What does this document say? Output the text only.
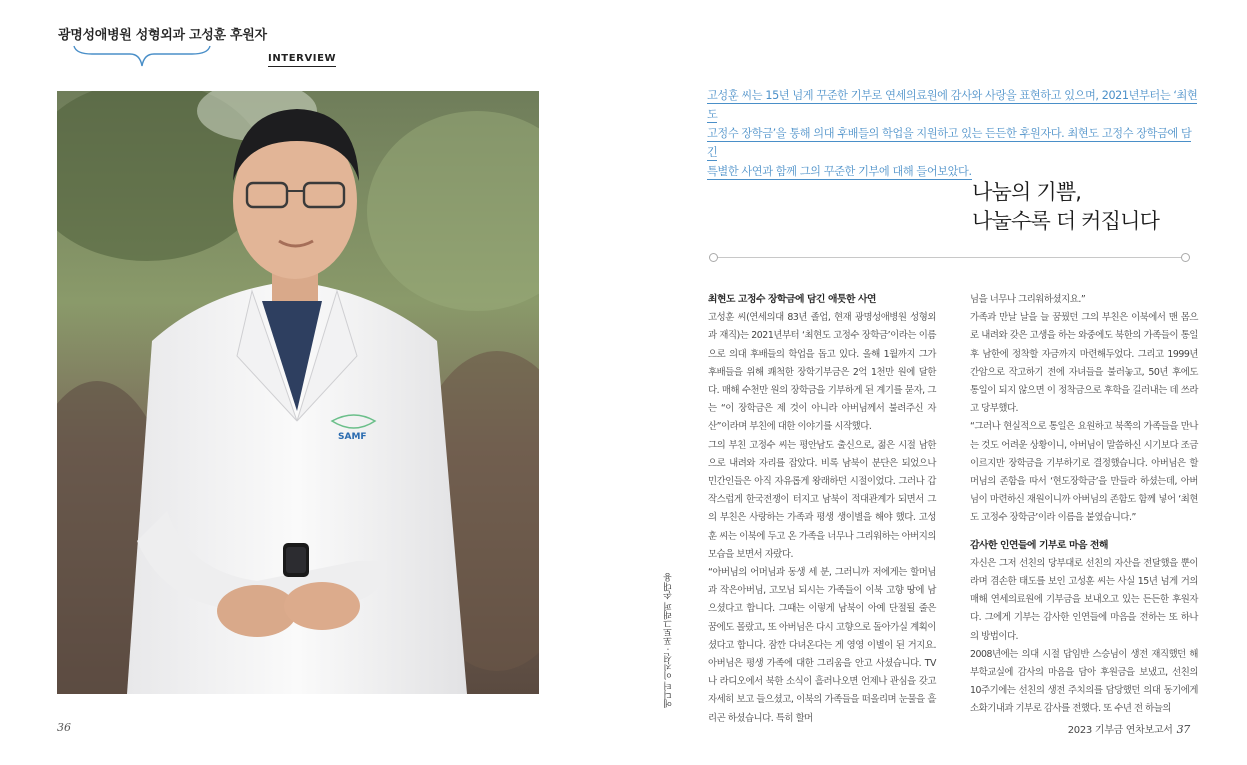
광명성애병원 성형외과 고성훈 후원자
INTERVIEW
SAMF
에디터 이진선 · 포토그래퍼 손대용
고성훈 씨는 15년 넘게 꾸준한 기부로 연세의료원에 감사와 사랑을 표현하고 있으며, 2021년부터는 ‘최현도
고정수 장학금’을 통해 의대 후배들의 학업을 지원하고 있는 든든한 후원자다. 최현도 고정수 장학금에 담긴
특별한 사연과 함께 그의 꾸준한 기부에 대해 들어보았다.
나눔의 기쁨,
나눌수록 더 커집니다

최현도 고정수 장학금에 담긴 애틋한 사연

고성훈 씨(연세의대 83년 졸업, 현재 광명성애병원 성형외과 재직)는 2021년부터 ‘최현도 고정수 장학금’이라는 이름으로 의대 후배들의 학업을 돕고 있다. 올해 1월까지 그가 후배들을 위해 쾌척한 장학기부금은 2억 1천만 원에 달한다. 매해 수천만 원의 장학금을 기부하게 된 계기를 묻자, 그는 “이 장학금은 제 것이 아니라 아버님께서 불려주신 자산”이라며 부친에 대한 이야기를 시작했다.

그의 부친 고정수 씨는 평안남도 출신으로, 젊은 시절 남한으로 내려와 자리를 잡았다. 비록 남북이 분단은 되었으나 민간인들은 아직 자유롭게 왕래하던 시절이었다. 그러나 갑작스럽게 한국전쟁이 터지고 남북이 적대관계가 되면서 그의 부친은 사랑하는 가족과 평생 생이별을 해야 했다. 고성훈 씨는 이북에 두고 온 가족을 너무나 그리워하는 아버지의 모습을 보면서 자랐다.

“아버님의 어머님과 동생 세 분, 그러니까 저에게는 할머님과 작은아버님, 고모님 되시는 가족들이 이북 고향 땅에 남으셨다고 합니다. 그때는 이렇게 남북이 아예 단절될 줄은 꿈에도 몰랐고, 또 아버님은 다시 고향으로 돌아가실 계획이셨다고 합니다. 잠깐 다녀온다는 게 영영 이별이 된 거지요. 아버님은 평생 가족에 대한 그리움을 안고 사셨습니다. TV나 라디오에서 북한 소식이 흘러나오면 언제나 관심을 갖고 자세히 보고 들으셨고, 이북의 가족들을 떠올리며 눈물을 흘리곤 하셨습니다. 특히 할머

님을 너무나 그리워하셨지요.”

가족과 만날 날을 늘 꿈꿨던 그의 부친은 이북에서 맨 몸으로 내려와 갖은 고생을 하는 와중에도 북한의 가족들이 통일 후 남한에 정착할 자금까지 마련해두었다. 그리고 1999년 간암으로 작고하기 전에 자녀들을 불러놓고, 50년 후에도 통일이 되지 않으면 이 정착금으로 후학을 길러내는 데 쓰라고 당부했다.

“그러나 현실적으로 통일은 요원하고 북쪽의 가족들을 만나는 것도 어려운 상황이니, 아버님이 말씀하신 시기보다 조금 이르지만 장학금을 기부하기로 결정했습니다. 아버님은 할머님의 존함을 따서 ‘현도장학금’을 만들라 하셨는데, 아버님이 마련하신 재원이니까 아버님의 존함도 함께 넣어 ‘최현도 고정수 장학금’이라 이름을 붙였습니다.”

감사한 인연들에 기부로 마음 전해

자신은 그저 선친의 당부대로 선친의 자산을 전달했을 뿐이라며 겸손한 태도를 보인 고성훈 씨는 사실 15년 넘게 거의 매해 연세의료원에 기부금을 보내오고 있는 든든한 후원자다. 그에게 기부는 감사한 인연들에 마음을 전하는 또 하나의 방법이다.

2008년에는 의대 시절 답임반 스승님이 생전 재직했던 해부학교실에 감사의 마음을 담아 후원금을 보냈고, 선친의 10주기에는 선친의 생전 주치의를 담당했던 의대 동기에게 소화기내과 기부로 감사를 전했다. 또 수년 전 하늘의

36	2023 기부금 연차보고서 37
